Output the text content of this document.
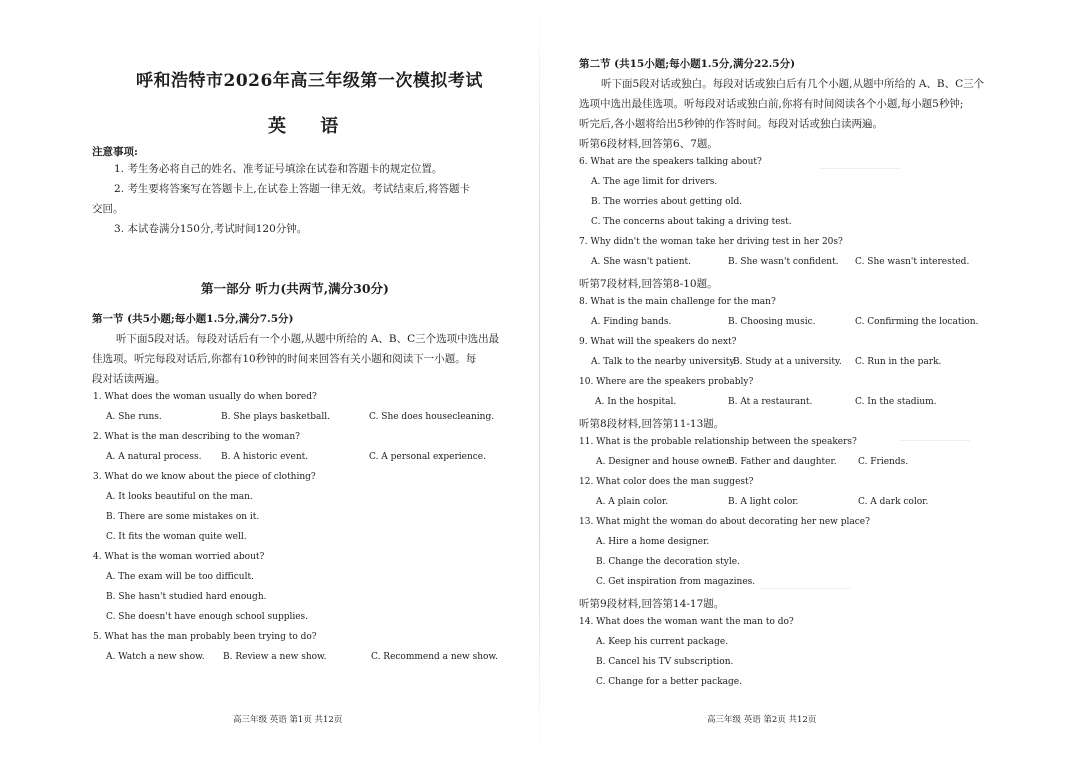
呼和浩特市2026年高三年级第一次模拟考试
英 语
注意事项:
1. 考生务必将自己的姓名、准考证号填涂在试卷和答题卡的规定位置。
2. 考生要将答案写在答题卡上,在试卷上答题一律无效。考试结束后,将答题卡
交回。
3. 本试卷满分150分,考试时间120分钟。
第一部分 听力(共两节,满分30分)
第一节 (共5小题;每小题1.5分,满分7.5分)
听下面5段对话。每段对话后有一个小题,从题中所给的 A、B、C三个选项中选出最
佳选项。听完每段对话后,你都有10秒钟的时间来回答有关小题和阅读下一小题。每
段对话读两遍。
1. What does the woman usually do when bored?
A. She runs.	B. She plays basketball.	C. She does housecleaning.
2. What is the man describing to the woman?
A. A natural process. B. A historic event.	C. A personal experience.
3. What do we know about the piece of clothing?
A. It looks beautiful on the man.
B. There are some mistakes on it.
C. It fits the woman quite well.
4. What is the woman worried about?
A. The exam will be too difficult.
B. She hasn't studied hard enough.
C. She doesn't have enough school supplies.
5. What has the man probably been trying to do?
A. Watch a new show. B. Review a new show.	C. Recommend a new show.
高三年级 英语 第1页 共12页
第二节 (共15小题;每小题1.5分,满分22.5分)
听下面5段对话或独白。每段对话或独白后有几个小题,从题中所给的 A、B、C三个
选项中选出最佳选项。听每段对话或独白前,你将有时间阅读各个小题,每小题5秒钟;
听完后,各小题将给出5秒钟的作答时间。每段对话或独白读两遍。
听第6段材料,回答第6、7题。
6. What are the speakers talking about?
A. The age limit for drivers.
B. The worries about getting old.
C. The concerns about taking a driving test.
7. Why didn't the woman take her driving test in her 20s?
A. She wasn't patient.	B. She wasn't confident. C. She wasn't interested.
听第7段材料,回答第8-10题。
8. What is the main challenge for the man?
A. Finding bands.	B. Choosing music.	C. Confirming the location.
9. What will the speakers do next?
A. Talk to the nearby university.
B. Study at a university. C. Run in the park.
10. Where are the speakers probably?
A. In the hospital.	B. At a restaurant.	C. In the stadium.
听第8段材料,回答第11-13题。
11. What is the probable relationship between the speakers?
A. Designer and house owner.
B. Father and daughter. C. Friends.
12. What color does the man suggest?
A. A plain color.	B. A light color.	C. A dark color.
13. What might the woman do about decorating her new place?
A. Hire a home designer.
B. Change the decoration style.
C. Get inspiration from magazines.
听第9段材料,回答第14-17题。
14. What does the woman want the man to do?
A. Keep his current package.
B. Cancel his TV subscription.
C. Change for a better package.
高三年级 英语 第2页 共12页
